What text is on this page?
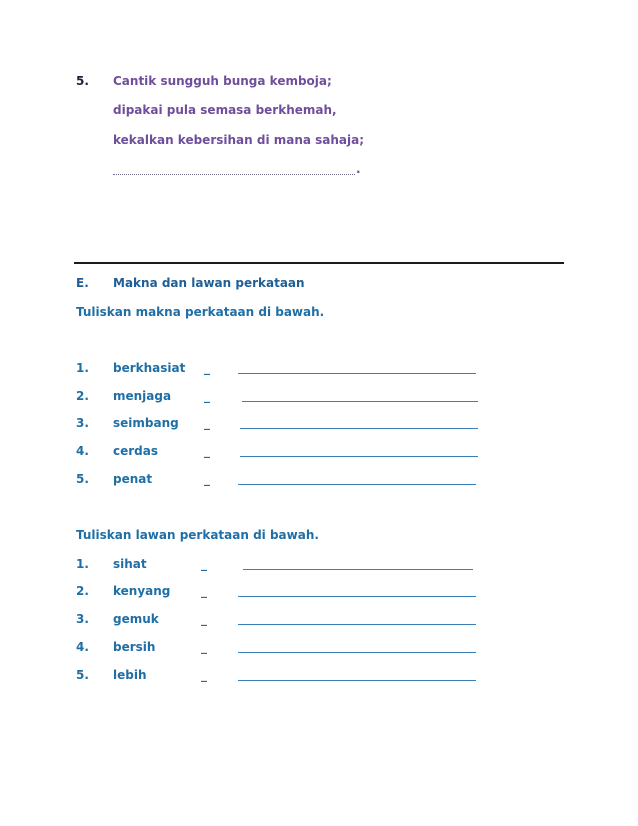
5. Cantik sungguh bunga kemboja;
dipakai pula semasa berkhemah,
kekalkan kebersihan di mana sahaja;
.
E. Makna dan lawan perkataan
Tuliskan makna perkataan di bawah.
1. berkhasiat _
2. menjaga	_
3. seimbang _
4. cerdas	_
5. penat	_
Tuliskan lawan perkataan di bawah.
1. sihat	_
2. kenyang	_
3. gemuk	_
4. bersih	_
5. lebih	_
